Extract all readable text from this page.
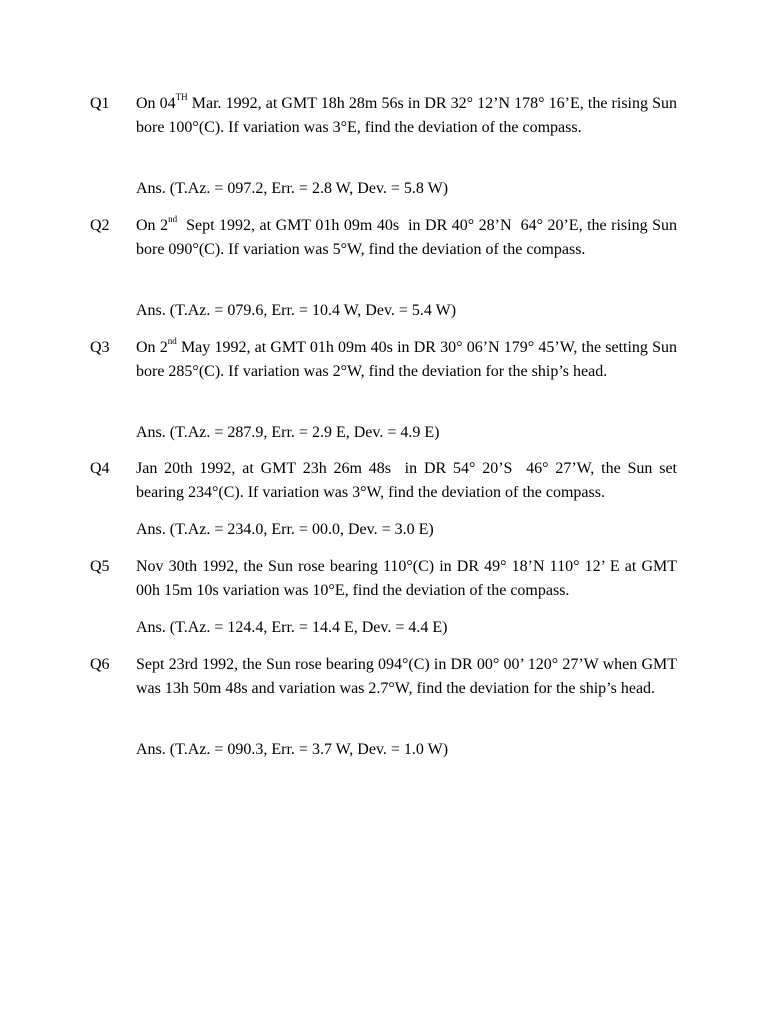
Q1	On 04TH Mar. 1992, at GMT 18h 28m 56s in DR 32° 12’N 178° 16’E, the rising Sun bore 100°(C). If variation was 3°E, find the deviation of the compass.
Ans. (T.Az. = 097.2, Err. = 2.8 W, Dev. = 5.8 W)
Q2	On 2nd  Sept 1992, at GMT 01h 09m 40s  in DR 40° 28’N  64° 20’E, the rising Sun bore 090°(C). If variation was 5°W, find the deviation of the compass.
Ans. (T.Az. = 079.6, Err. = 10.4 W, Dev. = 5.4 W)
Q3	On 2nd May 1992, at GMT 01h 09m 40s in DR 30° 06’N 179° 45’W, the setting Sun bore 285°(C). If variation was 2°W, find the deviation for the ship’s head.
Ans. (T.Az. = 287.9, Err. = 2.9 E, Dev. = 4.9 E)
Q4	Jan 20th 1992, at GMT 23h 26m 48s  in DR 54° 20’S  46° 27’W, the Sun set bearing 234°(C). If variation was 3°W, find the deviation of the compass.
Ans. (T.Az. = 234.0, Err. = 00.0, Dev. = 3.0 E)
Q5	Nov 30th 1992, the Sun rose bearing 110°(C) in DR 49° 18’N 110° 12’ E at GMT 00h 15m 10s variation was 10°E, find the deviation of the compass.
Ans. (T.Az. = 124.4, Err. = 14.4 E, Dev. = 4.4 E)
Q6	Sept 23rd 1992, the Sun rose bearing 094°(C) in DR 00° 00’ 120° 27’W when GMT  was 13h 50m 48s and variation was 2.7°W, find the deviation for the ship’s head.
Ans. (T.Az. = 090.3, Err. = 3.7 W, Dev. = 1.0 W)
